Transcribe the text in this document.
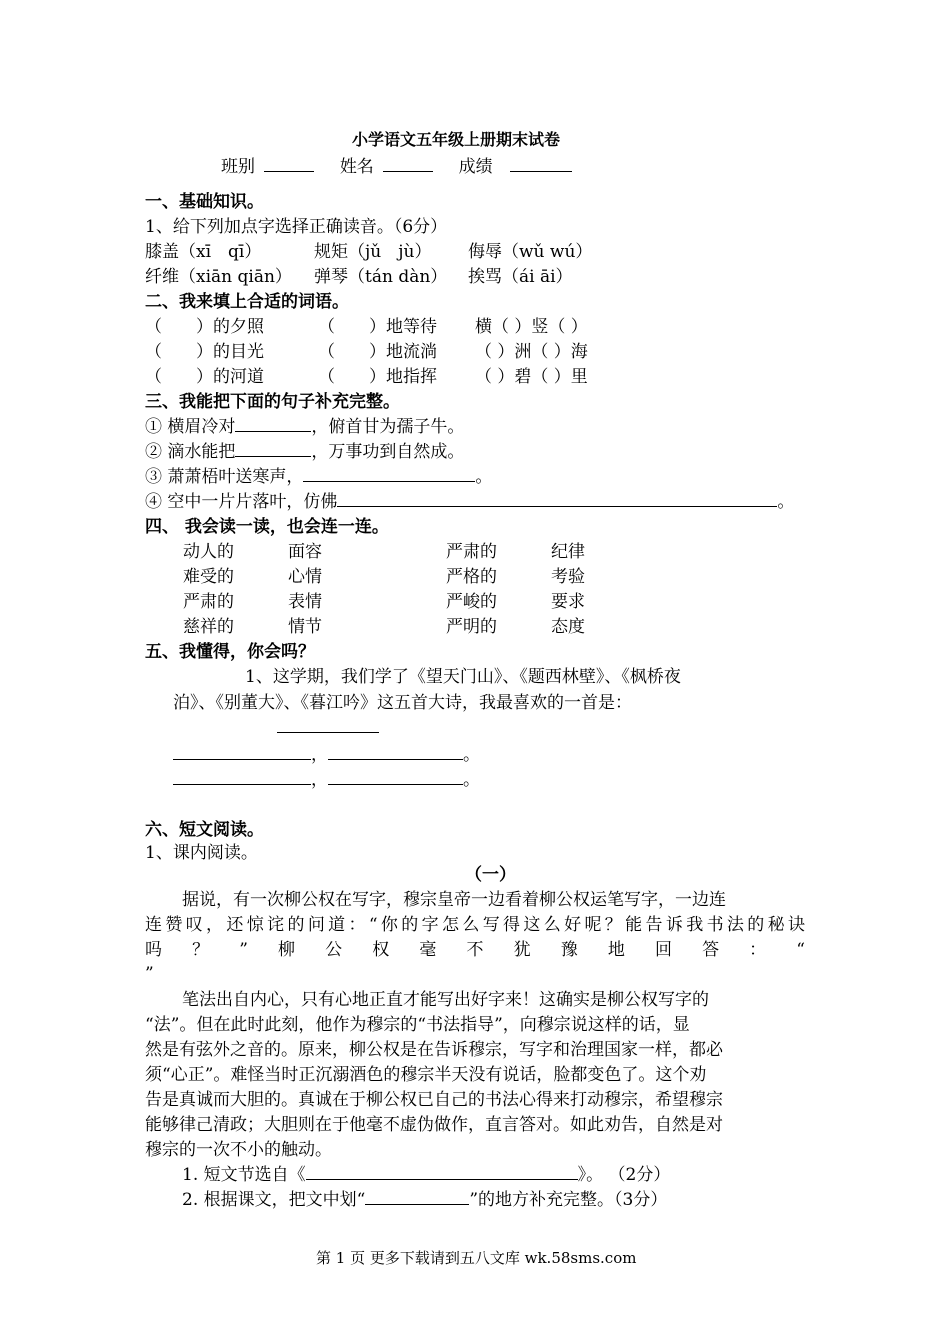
小学语文五年级上册期末试卷
班别	姓名	成绩
一、基础知识。
1、给下列加点字选择正确读音。（6分）
膝盖（xī　qī）	规矩（jǔ　jù） 侮辱（wǔ wú）
纤维（xiān qiān） 弹琴（tán dàn） 挨骂（ái āi）
二、我来填上合适的词语。
（　　）的夕照	（　　）地等待 横（ ）竖（ ）
（　　）的目光	（　　）地流淌 （ ）洲（ ）海
（　　）的河道	（　　）地指挥 （ ）碧（ ）里
三、我能把下面的句子补充完整。
① 横眉冷对	，俯首甘为孺子牛。
② 滴水能把	，万事功到自然成。
③ 萧萧梧叶送寒声，	。
④ 空中一片片落叶，仿佛	。
四、 我会读一读，也会连一连。
动人的	面容	严肃的	纪律
难受的	心情	严格的	考验
严肃的	表情	严峻的	要求
慈祥的	情节	严明的	态度
五、我懂得，你会吗？
1、这学期，我们学了《望天门山》、《题西林壁》、《枫桥夜
泊》、《别董大》、《暮江吟》这五首大诗，我最喜欢的一首是：
，	。
，	。
六、短文阅读。
1、课内阅读。
（一）
据说，有一次柳公权在写字，穆宗皇帝一边看着柳公权运笔写字，一边连
连赞叹，还惊诧的问道：“你的字怎么写得这么好呢？能告诉我书法的秘诀
吗？”柳公权毫不犹豫地回答：“
”
笔法出自内心，只有心地正直才能写出好字来！这确实是柳公权写字的
“法”。但在此时此刻，他作为穆宗的“书法指导”，向穆宗说这样的话，显
然是有弦外之音的。原来，柳公权是在告诉穆宗，写字和治理国家一样，都必
须“心正”。难怪当时正沉溺酒色的穆宗半天没有说话，脸都变色了。这个劝
告是真诚而大胆的。真诚在于柳公权已自己的书法心得来打动穆宗，希望穆宗
能够律己清政；大胆则在于他毫不虚伪做作，直言答对。如此劝告，自然是对
穆宗的一次不小的触动。
1. 短文节选自《	》。 （2分）
2. 根据课文，把文中划“	”的地方补充完整。（3分）
第 1 页 更多下载请到五八文库 wk.58sms.com
